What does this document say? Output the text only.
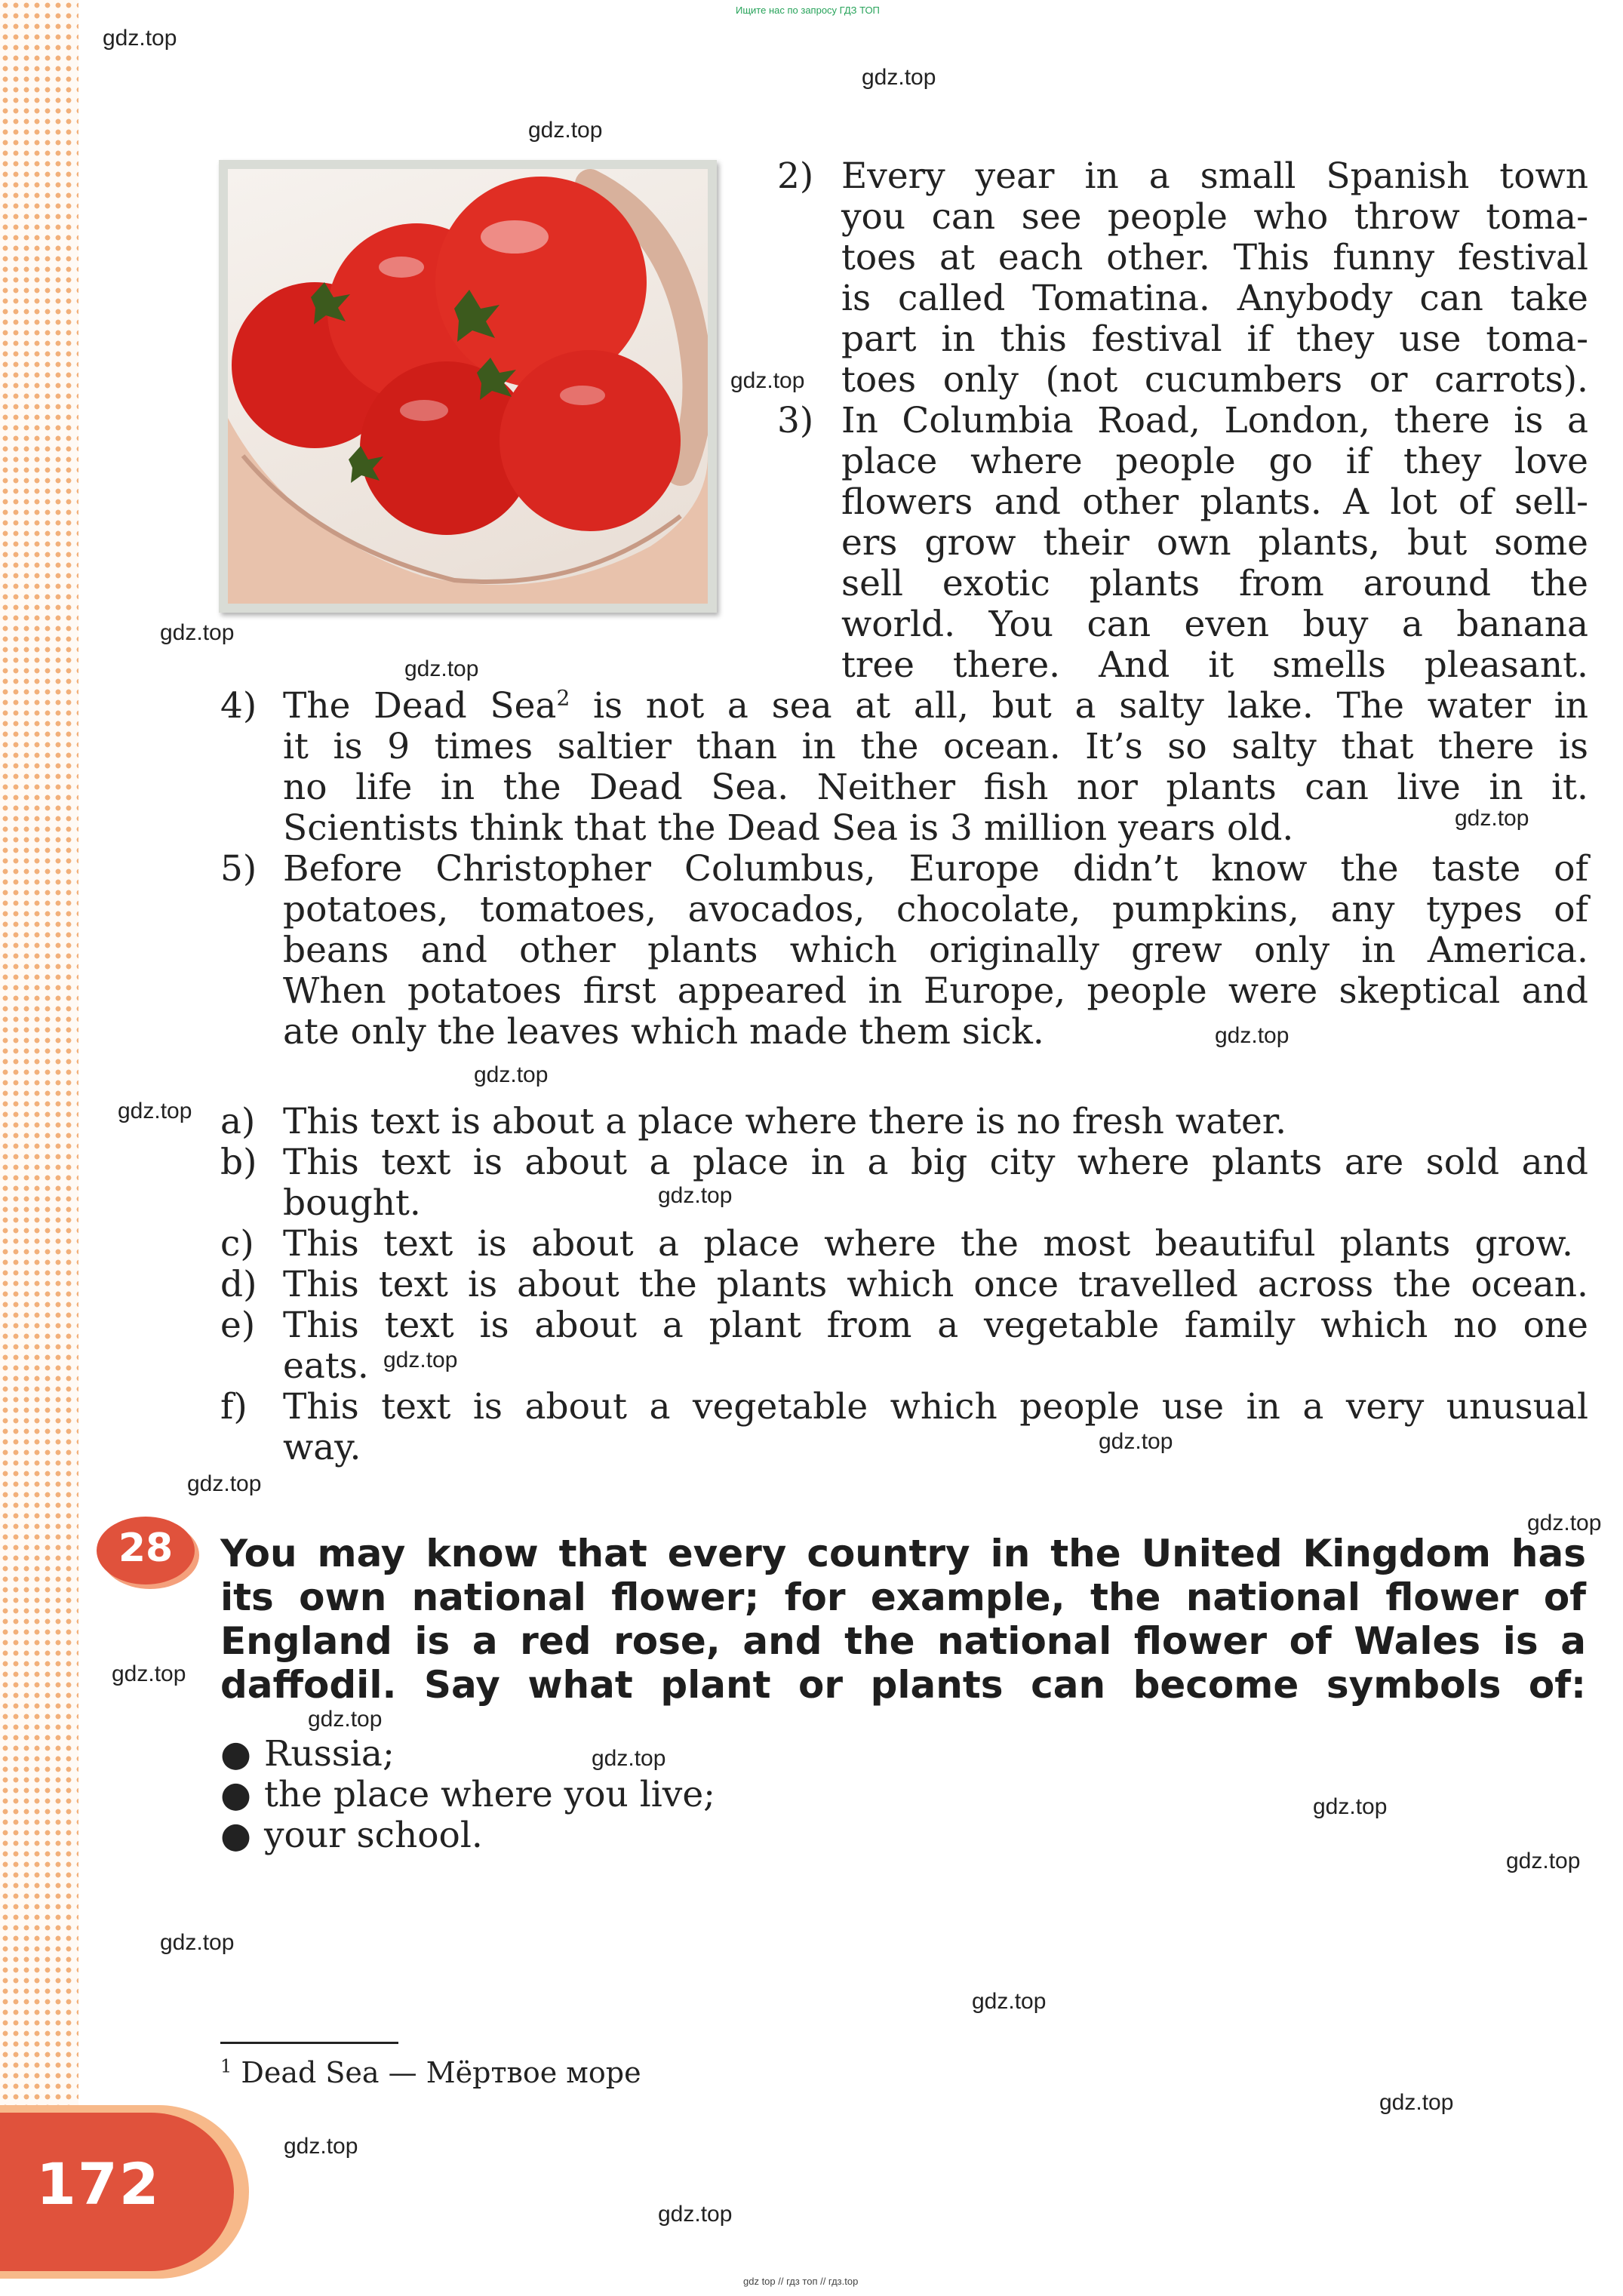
Ищите нас по запросу ГДЗ ТОП
2) Every year in a small Spanish town
you can see people who throw toma-
toes at each other. This funny festival
is called Tomatina. Anybody can take
part in this festival if they use toma-
toes only (not cucumbers or carrots).
3) In Columbia Road, London, there is a
place where people go if they love
flowers and other plants. A lot of sell-
ers grow their own plants, but some
sell exotic plants from around the
world. You can even buy a banana
tree there. And it smells pleasant.
4) The Dead Sea$^2$ is not a sea at all, but a salty lake. The water in
it is 9 times saltier than in the ocean. It’s so salty that there is
no life in the Dead Sea. Neither fish nor plants can live in it.
Scientists think that the Dead Sea is 3 million years old.
5) Before Christopher Columbus, Europe didn’t know the taste of
potatoes, tomatoes, avocados, chocolate, pumpkins, any types of
beans and other plants which originally grew only in America.
When potatoes first appeared in Europe, people were skeptical and
ate only the leaves which made them sick.
a) This text is about a place where there is no fresh water.
b) This text is about a place in a big city where plants are sold and
bought.
c) This text is about a place where the most beautiful plants grow.
d) This text is about the plants which once travelled across the ocean.
e) This text is about a plant from a vegetable family which no one
eats.
f) This text is about a vegetable which people use in a very unusual
way.
28	You may know that every country in the United Kingdom has
its own national flower; for example, the national flower of
England is a red rose, and the national flower of Wales is a
daffodil. Say what plant or plants can become symbols of:
● Russia;
● the place where you live;
● your school.
$^1$ Dead Sea — Мёртвое море
172
gdz.top
gdz.top
gdz.top
gdz.top
gdz.top
gdz.top
gdz.top
gdz.top
gdz.top
gdz.top
gdz.top
gdz.top
gdz.top
gdz.top
gdz.top
gdz.top
gdz.top
gdz.top
gdz.top
gdz.top
gdz.top
gdz.top
gdz.top
gdz.top
gdz.top
gdz top // гдз топ // гдз.top
